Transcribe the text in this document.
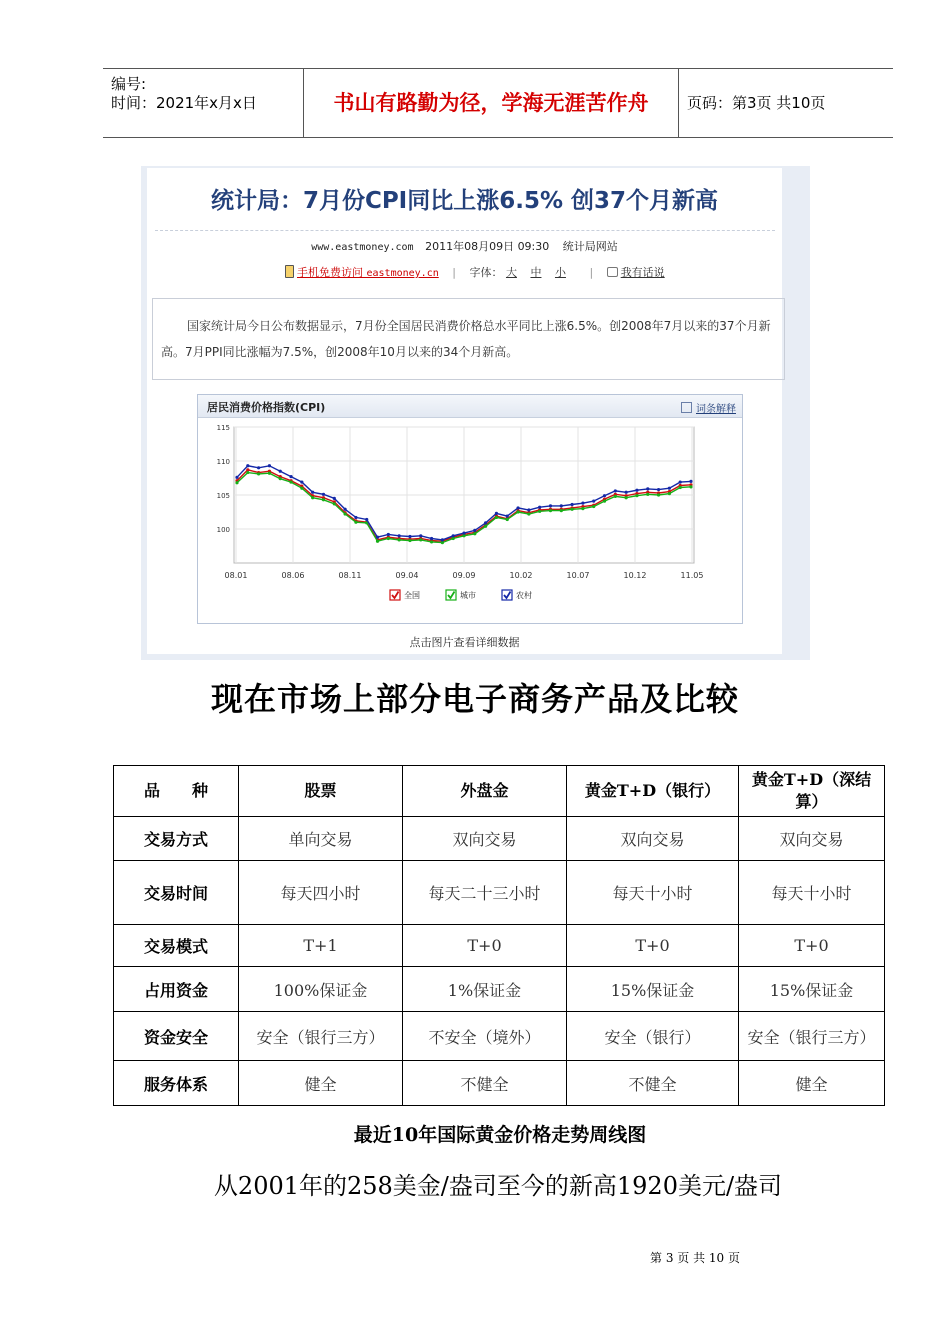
编号:
时间：2021年x月x日	书山有路勤为径，学海无涯苦作舟	页码：第3页 共10页
统计局：7月份CPI同比上涨6.5% 创37个月新高
www.eastmoney.com 2011年08月09日 09:30 统计局网站
手机免费访问 eastmoney.cn | 字体： 大 中 小 |	我有话说
国家统计局今日公布数据显示，7月份全国居民消费价格总水平同比上涨6.5%。创2008年7月以来的37个月新高。7月PPI同比涨幅为7.5%，创2008年10月以来的34个月新高。
居民消费价格指数(CPI)	词条解释
100
105
110
115
08.01	08.06	08.11	09.04	09.09	10.02	10.07	10.12	11.05
全国	城市	农村
点击图片查看详细数据
现在市场上部分电子商务产品及比较
品　　种	股票	外盘金	黄金T+D（银行）	黄金T+D（深结算）
交易方式	单向交易	双向交易	双向交易	双向交易
交易时间	每天四小时	每天二十三小时	每天十小时	每天十小时
交易模式	T+1	T+0	T+0	T+0
占用资金	100%保证金	1%保证金	15%保证金	15%保证金
资金安全	安全（银行三方）	不安全（境外）	安全（银行）	安全（银行三方）
服务体系	健全	不健全	不健全	健全
最近10年国际黄金价格走势周线图
从2001年的258美金/盎司至今的新高1920美元/盎司
第 3 页 共 10 页
